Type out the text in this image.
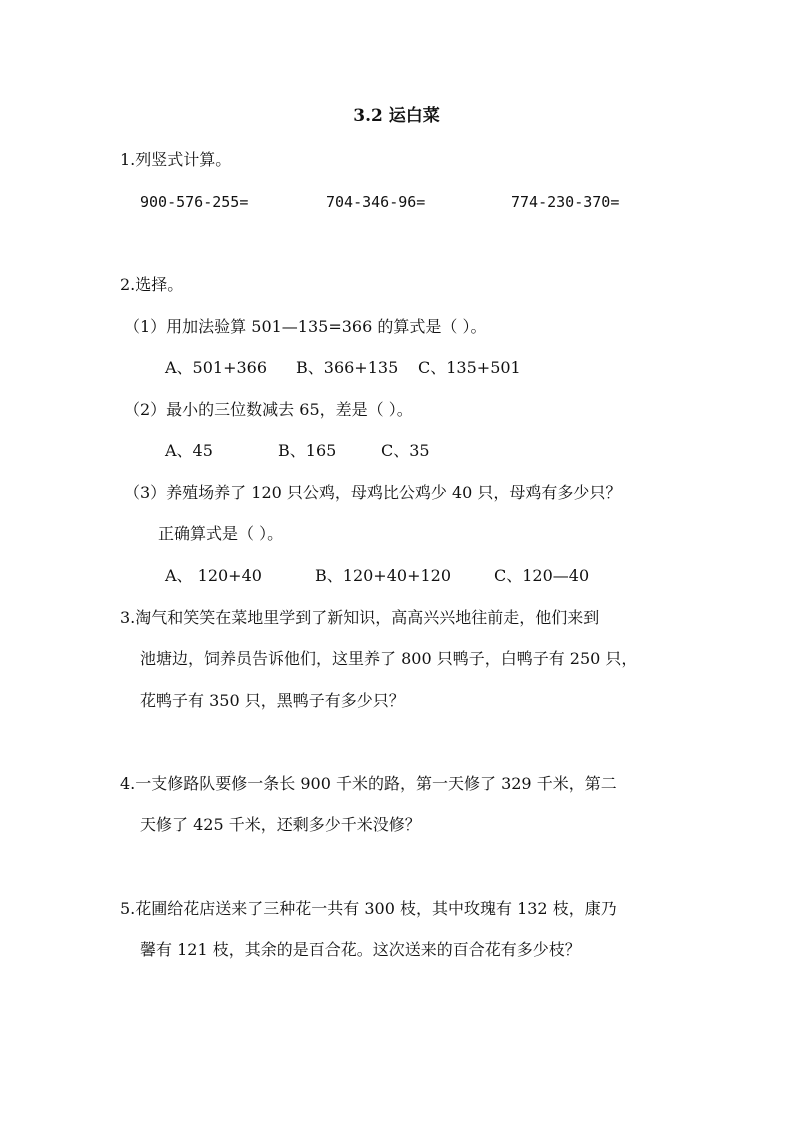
3.2 运白菜
1.列竖式计算。
900-576-255=	704-346-96=	774-230-370=
2.选择。
（1）用加法验算 501—135=366 的算式是（ ）。
A、501+366 B、366+135 C、135+501
（2）最小的三位数减去 65，差是（ ）。
A、45	B、165	C、35
（3）养殖场养了 120 只公鸡，母鸡比公鸡少 40 只，母鸡有多少只？
正确算式是（ ）。
A、 120+40	B、120+40+120	C、120—40
3.淘气和笑笑在菜地里学到了新知识，高高兴兴地往前走，他们来到
池塘边，饲养员告诉他们，这里养了 800 只鸭子，白鸭子有 250 只，
花鸭子有 350 只，黑鸭子有多少只？
4.一支修路队要修一条长 900 千米的路，第一天修了 329 千米，第二
天修了 425 千米，还剩多少千米没修？
5.花圃给花店送来了三种花一共有 300 枝，其中玫瑰有 132 枝，康乃
馨有 121 枝，其余的是百合花。这次送来的百合花有多少枝？
